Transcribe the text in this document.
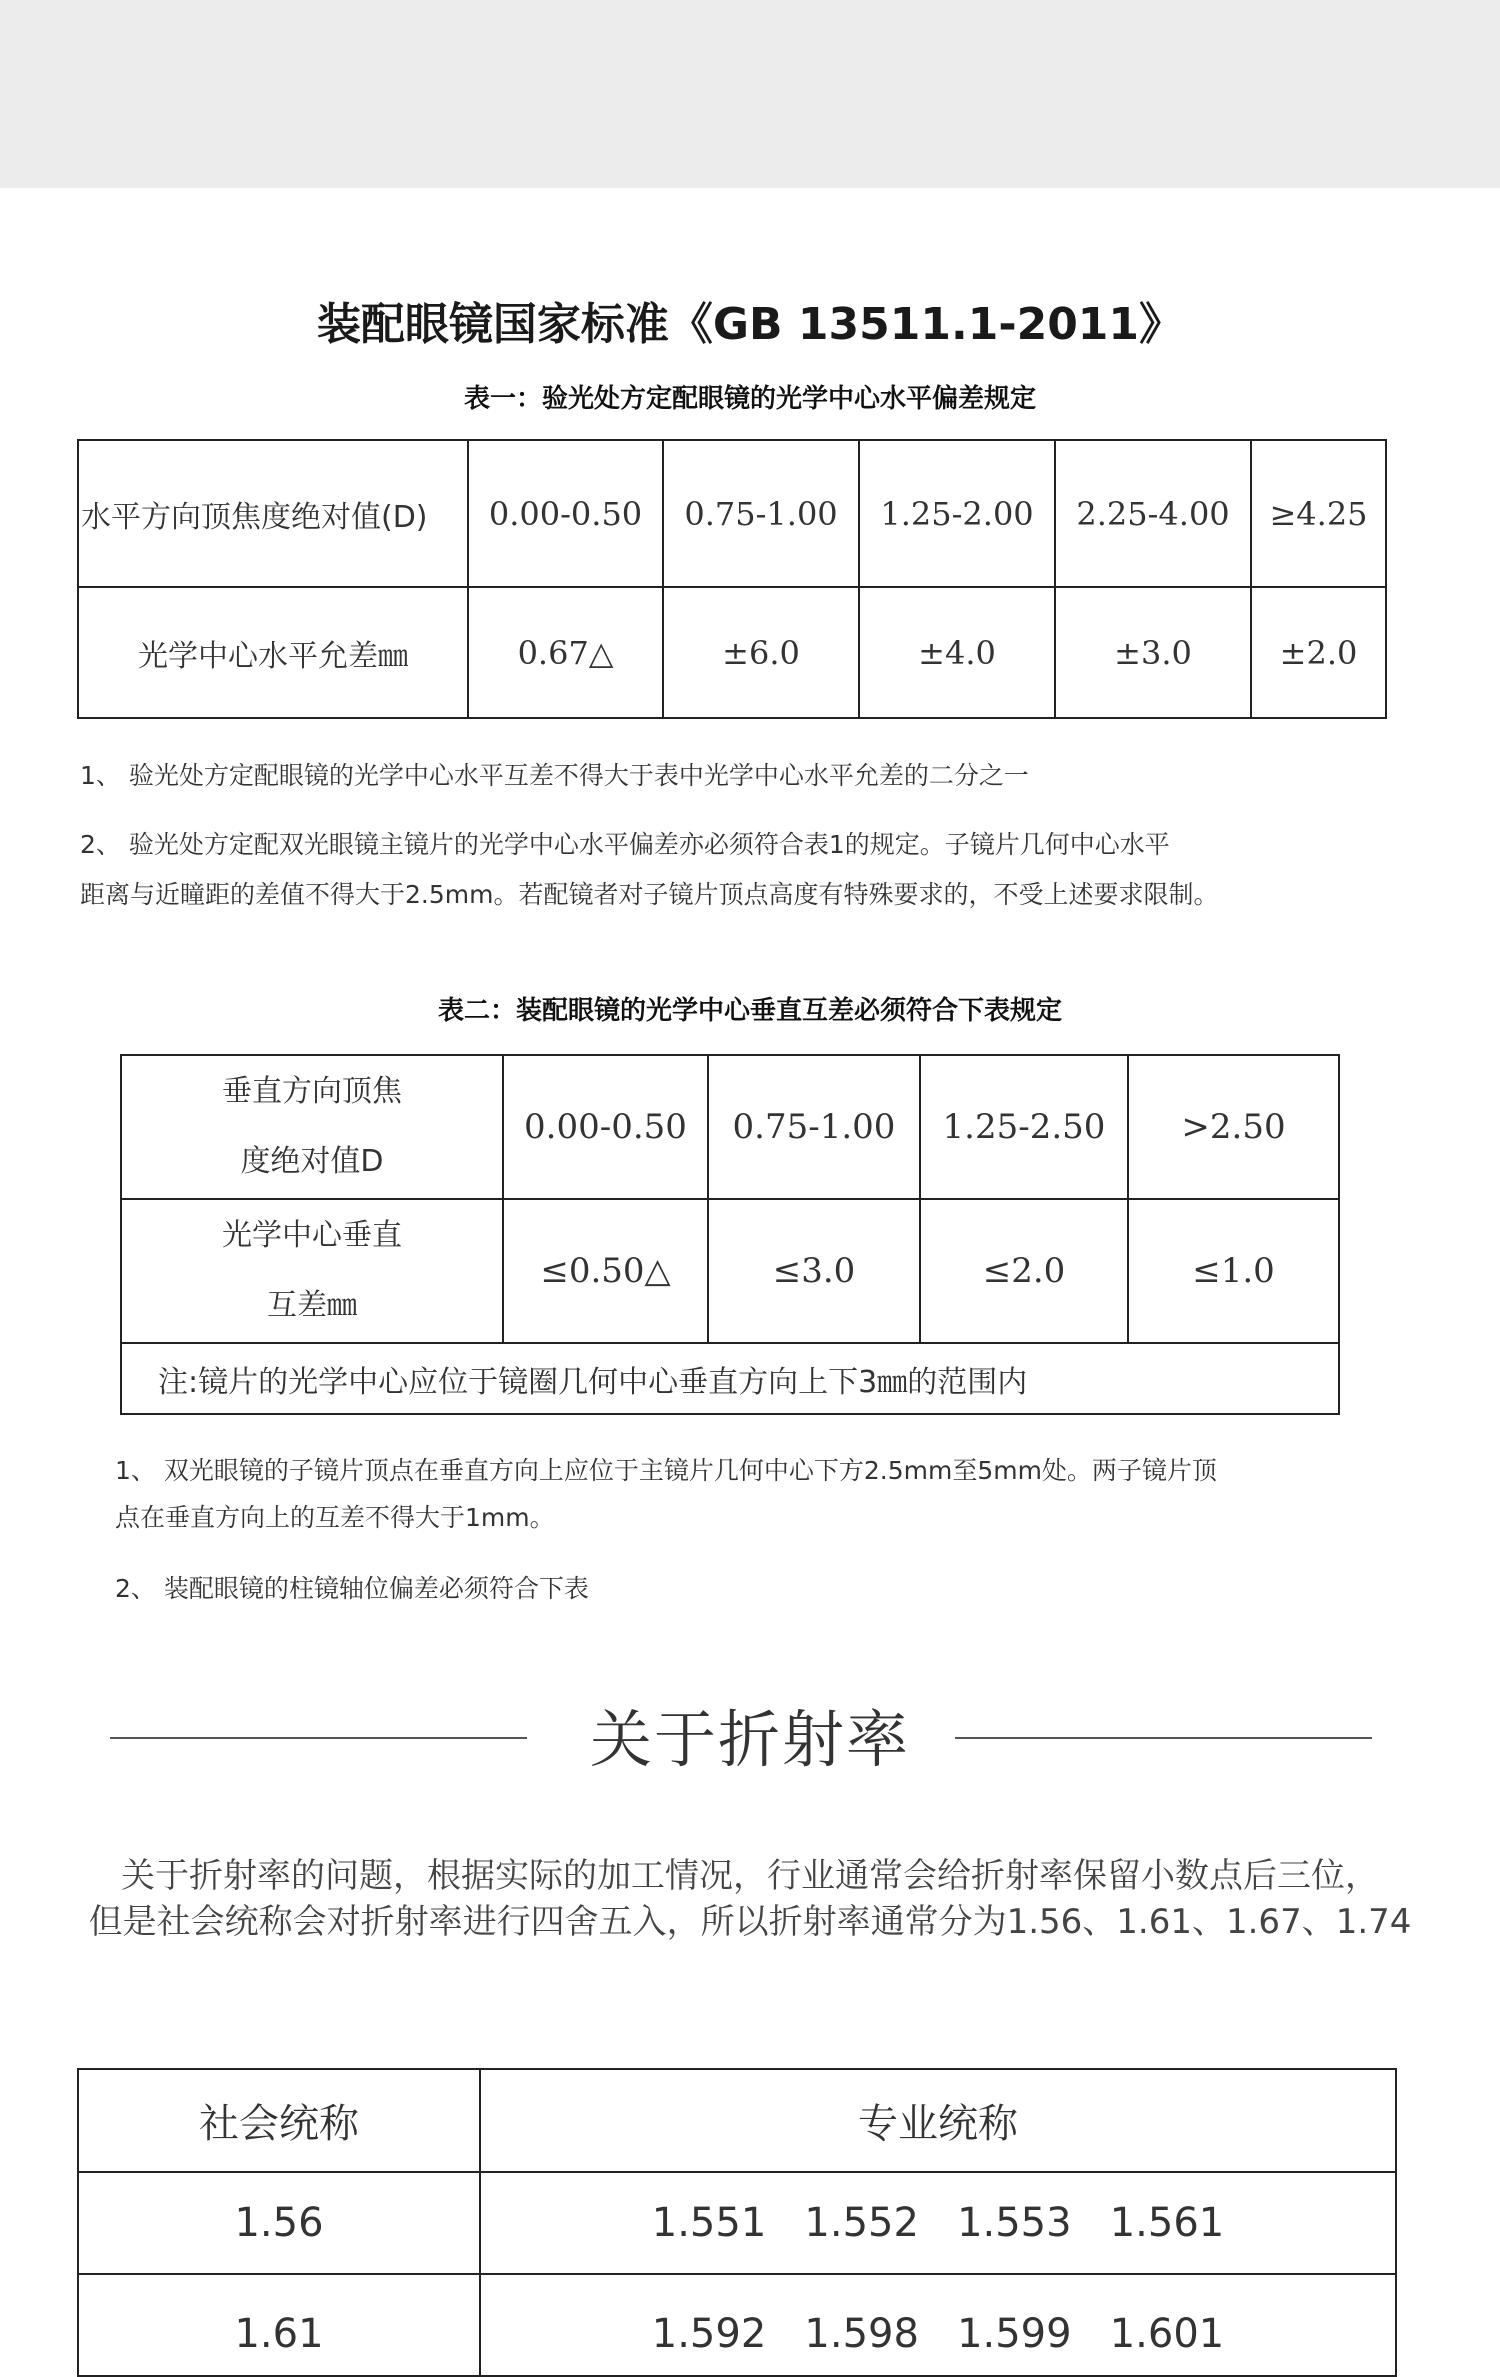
装配眼镜国家标准《GB 13511.1-2011》
表一：验光处方定配眼镜的光学中心水平偏差规定
水平方向顶焦度绝对值(D)	0.00-0.50	0.75-1.00	1.25-2.00	2.25-4.00	≥4.25
光学中心水平允差㎜	0.67△	±6.0	±4.0	±3.0	±2.0
1、 验光处方定配眼镜的光学中心水平互差不得大于表中光学中心水平允差的二分之一
2、 验光处方定配双光眼镜主镜片的光学中心水平偏差亦必须符合表1的规定。子镜片几何中心水平
距离与近瞳距的差值不得大于2.5mm。若配镜者对子镜片顶点高度有特殊要求的，不受上述要求限制。
表二：装配眼镜的光学中心垂直互差必须符合下表规定
垂直方向顶焦
度绝对值D	0.00-0.50	0.75-1.00	1.25-2.50	>2.50

光学中心垂直
互差㎜	≤0.50△	≤3.0	≤2.0	≤1.0
注:镜片的光学中心应位于镜圈几何中心垂直方向上下3㎜的范围内				
1、 双光眼镜的子镜片顶点在垂直方向上应位于主镜片几何中心下方2.5mm至5mm处。两子镜片顶
点在垂直方向上的互差不得大于1mm。
2、 装配眼镜的柱镜轴位偏差必须符合下表
关于折射率
关于折射率的问题，根据实际的加工情况，行业通常会给折射率保留小数点后三位，
但是社会统称会对折射率进行四舍五入，所以折射率通常分为1.56、1.61、1.67、1.74
社会统称	专业统称
1.56	1.551   1.552   1.553   1.561

1.61	1.592   1.598   1.599   1.601
